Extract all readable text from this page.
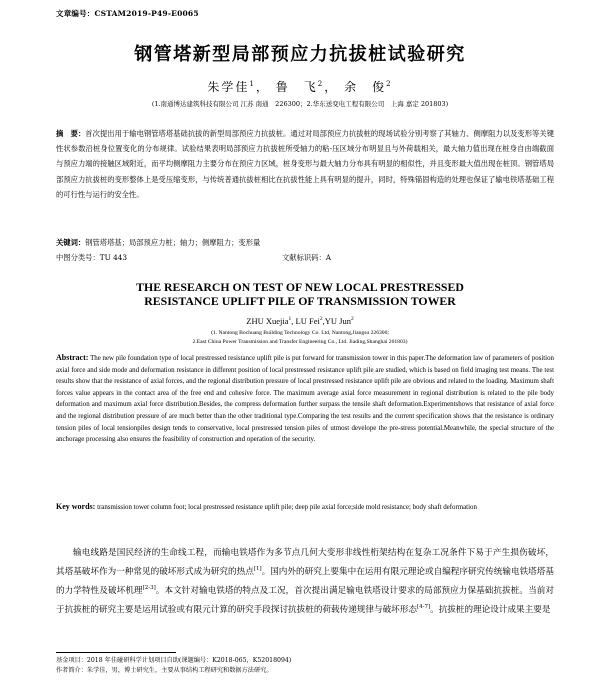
文章编号：CSTAM2019-P49-E0065
钢管塔新型局部预应力抗拔桩试验研究
朱学佳$^1$， 鲁　飞$^2$， 余　俊$^2$
(1.南通博达建筑科技有限公司 江苏 南通　226300；2.华东送变电工程有限公司　上海 嘉定 201803)
摘　要：首次提出用于输电钢管塔塔基础抗拔的新型局部预应力抗拔桩。通过对局部预应力抗拔桩的现场试验分别考察了其轴力、侧摩阻力以及变形等关键性状参数沿桩身位置变化的分布规律。试验结果表明局部预应力抗拔桩所受轴力的粘-压区域分布明显且与外荷载相关，最大轴力值出现在桩身自由端截面与预应力端的接触区域附近，而平均侧摩阻力主要分布在预应力区域，桩身变形与最大轴力分布具有明显的相似性，并且变形最大值出现在桩顶。钢管塔局部预应力抗拔桩的变形整体上是受压缩变形，与传统普通抗拔桩相比在抗拔性能上具有明显的提升，同时，特殊锚固构造的处理也保证了输电铁塔基础工程的可行性与运行的安全性。
关键词：钢管塔塔基；局部预应力桩；轴力；侧摩阻力；变形量
中图分类号：TU 443	文献标识码：A
THE RESEARCH ON TEST OF NEW LOCAL PRESTRESSED
RESISTANCE UPLIFT PILE OF TRANSMISSION TOWER
ZHU Xuejia$^1$, LU Fei$^2$,YU Jun$^2$
(1. Nantong Bochuang Building Technology Co. Ltd, Nantong,Jiangsu 226300;
2.East China Power Transmission and Transfer Engineering Co., Ltd. Jiading,Shanghai 201803)
Abstract: The new pile foundation type of local prestressed resistance uplift pile is put forward for transmission tower in this paper.The deformation law of parameters of position axial force and side mode and deformation resistance in different position of local prestressed resistance uplift pile are studied, which is based on field imaging test means. The test results show that the resistance of axial forces, and the regional distribution pressure of local prestressed resistance uplift pile are obvious and related to the loading. Maximum shaft forces value appears in the contact area of the free end and cohesive force. The maximum average axial force measurement in regional distribution is related to the pile body deformation and maximum axial force distribution.Besides, the compress deformation further surpass the tensile shaft deformation.Experimentshows that resistance of axial force and the regional distribution pressure of are much better than the other traditional type.Comparing the test results and the current specification shows that the resistance is ordinary tension piles of local tensionpiles design tends to conservative, local prestressed tension piles of utmost develope the pre-stress potential.Meanwhile, the special structure of the anchorage processing also ensures the feasibility of construction and operation of the security.
Key words: transmission tower column foot; local prestressed resistance uplift pile; deep pile axial force;side mold resistance; body shaft deformation
输电线路是国民经济的生命线工程，而输电铁塔作为多节点几何大变形非线性桁架结构在复杂工况条件下易于产生损伤破坏，其塔基破坏作为一种常见的破坏形式成为研究的热点[1]。国内外的研究上要集中在运用有限元理论或自编程序研究传统输电铁塔塔基的力学特性及破坏机理[2-3]。本文针对输电铁塔的特点及工况，首次提出满足输电铁塔设计要求的局部预应力保基础抗拔桩。当前对于抗拔桩的研究主要是运用试验或有限元计算的研究手段探讨抗拔桩的荷载传递规律与破坏形态[4-7]。抗拔桩的理论设计成果主要是
基金项目：2018 年佳碰研科学计划项目自助(课题编号：K2018-065，K52018094)
作者简介：朱学佳，男，博士研究生，主要从事结构工程研究和数据方法研究。
